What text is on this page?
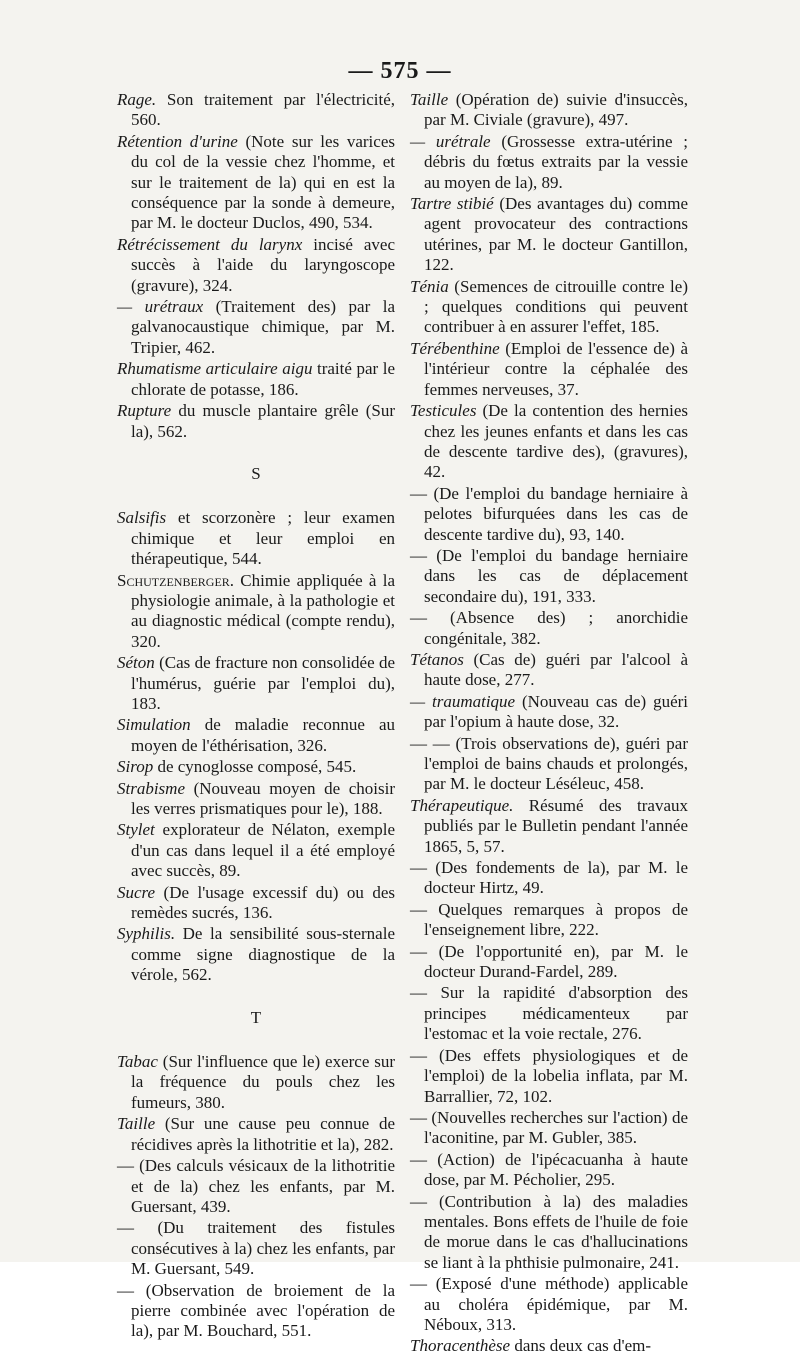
— 575 —
Rage. Son traitement par l'électricité, 560.
Rétention d'urine (Note sur les varices du col de la vessie chez l'homme, et sur le traitement de la) qui en est la conséquence par la sonde à demeure, par M. le docteur Duclos, 490, 534.
Rétrécissement du larynx incisé avec succès à l'aide du laryngoscope (gravure), 324.
— urétraux (Traitement des) par la galvanocaustique chimique, par M. Tripier, 462.
Rhumatisme articulaire aigu traité par le chlorate de potasse, 186.
Rupture du muscle plantaire grêle (Sur la), 562.
S
Salsifis et scorzonère ; leur examen chimique et leur emploi en thérapeutique, 544.
Schutzenberger. Chimie appliquée à la physiologie animale, à la pathologie et au diagnostic médical (compte rendu), 320.
Séton (Cas de fracture non consolidée de l'humérus, guérie par l'emploi du), 183.
Simulation de maladie reconnue au moyen de l'éthérisation, 326.
Sirop de cynoglosse composé, 545.
Strabisme (Nouveau moyen de choisir les verres prismatiques pour le), 188.
Stylet explorateur de Nélaton, exemple d'un cas dans lequel il a été employé avec succès, 89.
Sucre (De l'usage excessif du) ou des remèdes sucrés, 136.
Syphilis. De la sensibilité sous-sternale comme signe diagnostique de la vérole, 562.
T
Tabac (Sur l'influence que le) exerce sur la fréquence du pouls chez les fumeurs, 380.
Taille (Sur une cause peu connue de récidives après la lithotritie et la), 282.
— (Des calculs vésicaux de la lithotritie et de la) chez les enfants, par M. Guersant, 439.
— (Du traitement des fistules consécutives à la) chez les enfants, par M. Guersant, 549.
— (Observation de broiement de la pierre combinée avec l'opération de la), par M. Bouchard, 551.
Taille (Opération de) suivie d'insuccès, par M. Civiale (gravure), 497.
— urétrale (Grossesse extra-utérine ; débris du fœtus extraits par la vessie au moyen de la), 89.
Tartre stibié (Des avantages du) comme agent provocateur des contractions utérines, par M. le docteur Gantillon, 122.
Ténia (Semences de citrouille contre le) ; quelques conditions qui peuvent contribuer à en assurer l'effet, 185.
Térébenthine (Emploi de l'essence de) à l'intérieur contre la céphalée des femmes nerveuses, 37.
Testicules (De la contention des hernies chez les jeunes enfants et dans les cas de descente tardive des), (gravures), 42.
— (De l'emploi du bandage herniaire à pelotes bifurquées dans les cas de descente tardive du), 93, 140.
— (De l'emploi du bandage herniaire dans les cas de déplacement secondaire du), 191, 333.
— (Absence des) ; anorchidie congénitale, 382.
Tétanos (Cas de) guéri par l'alcool à haute dose, 277.
— traumatique (Nouveau cas de) guéri par l'opium à haute dose, 32.
— — (Trois observations de), guéri par l'emploi de bains chauds et prolongés, par M. le docteur Léséleuc, 458.
Thérapeutique. Résumé des travaux publiés par le Bulletin pendant l'année 1865, 5, 57.
— (Des fondements de la), par M. le docteur Hirtz, 49.
— Quelques remarques à propos de l'enseignement libre, 222.
— (De l'opportunité en), par M. le docteur Durand-Fardel, 289.
— Sur la rapidité d'absorption des principes médicamenteux par l'estomac et la voie rectale, 276.
— (Des effets physiologiques et de l'emploi) de la lobelia inflata, par M. Barrallier, 72, 102.
— (Nouvelles recherches sur l'action) de l'aconitine, par M. Gubler, 385.
— (Action) de l'ipécacuanha à haute dose, par M. Pécholier, 295.
— (Contribution à la) des maladies mentales. Bons effets de l'huile de foie de morue dans le cas d'hallucinations se liant à la phthisie pulmonaire, 241.
— (Exposé d'une méthode) applicable au choléra épidémique, par M. Néboux, 313.
Thoracenthèse dans deux cas d'em-
